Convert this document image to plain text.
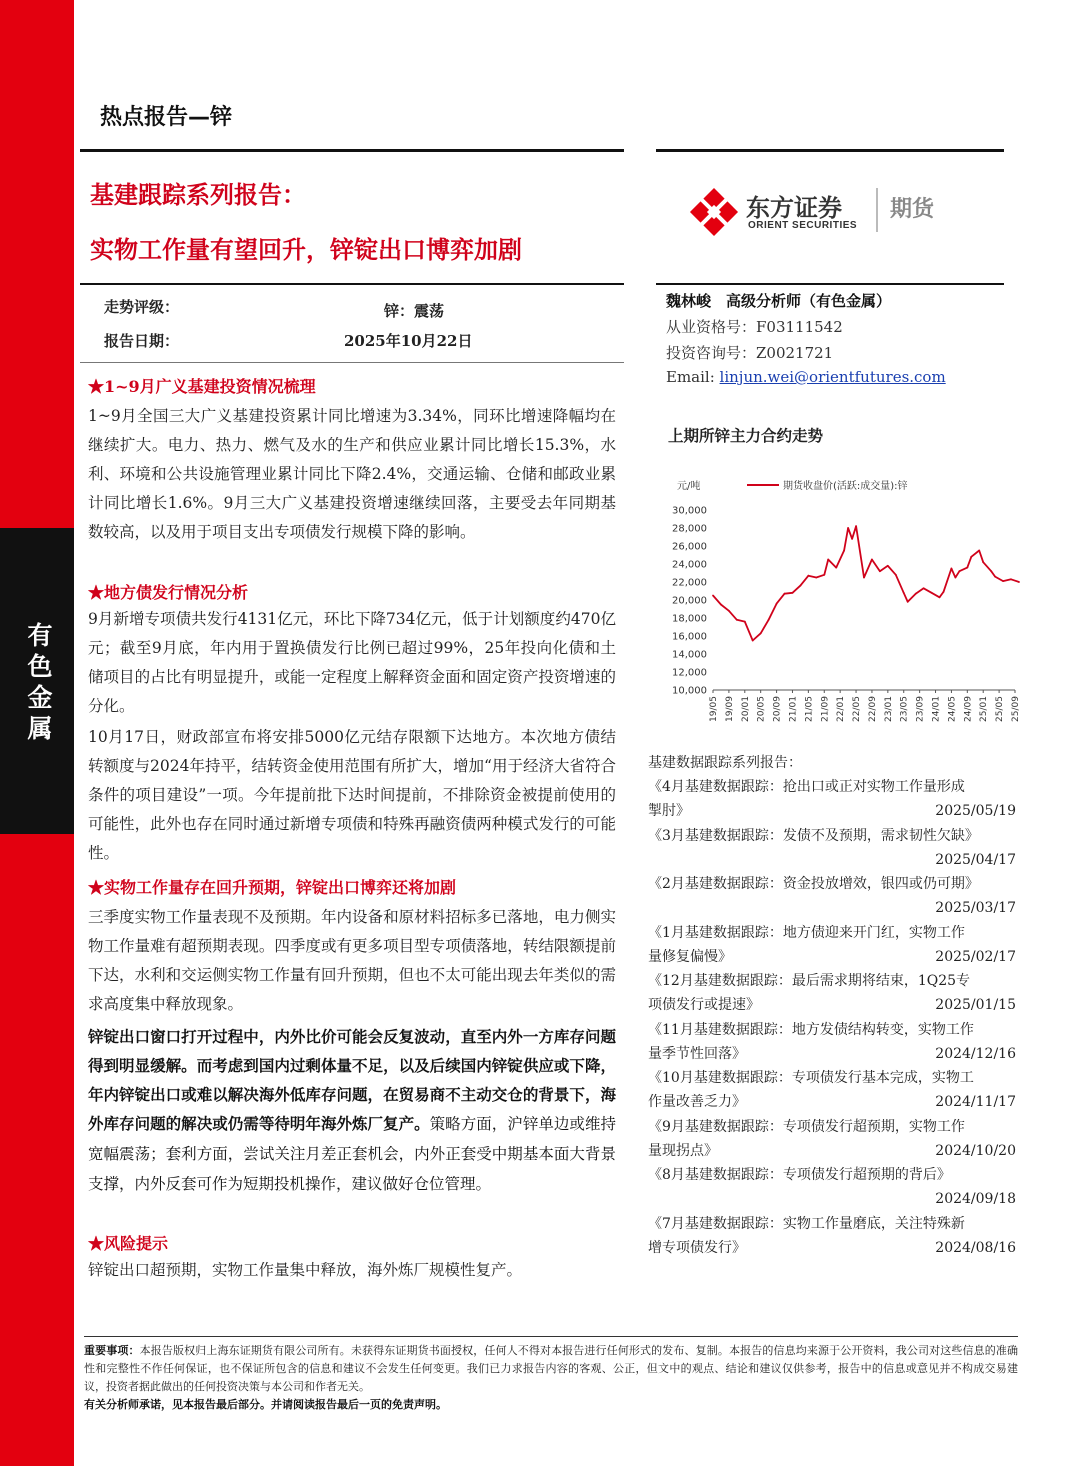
有色金属
热点报告—锌
基建跟踪系列报告：
实物工作量有望回升，锌锭出口博弈加剧
东方证券
ORIENT SECURITIES
期货
走势评级：	锌：震荡
报告日期：	2025年10月22日
魏林峻　高级分析师（有色金属）
从业资格号：F03111542
投资咨询号：Z0021721
Email: linjun.wei@orientfutures.com
★1~9月广义基建投资情况梳理
1~9月全国三大广义基建投资累计同比增速为3.34%，同环比增速降幅均在继续扩大。电力、热力、燃气及水的生产和供应业累计同比增长15.3%，水利、环境和公共设施管理业累计同比下降2.4%，交通运输、仓储和邮政业累计同比增长1.6%。9月三大广义基建投资增速继续回落，主要受去年同期基数较高，以及用于项目支出专项债发行规模下降的影响。
★地方债发行情况分析
9月新增专项债共发行4131亿元，环比下降734亿元，低于计划额度约470亿元；截至9月底，年内用于置换债发行比例已超过99%，25年投向化债和土储项目的占比有明显提升，或能一定程度上解释资金面和固定资产投资增速的分化。
10月17日，财政部宣布将安排5000亿元结存限额下达地方。本次地方债结转额度与2024年持平，结转资金使用范围有所扩大，增加“用于经济大省符合条件的项目建设”一项。今年提前批下达时间提前，不排除资金被提前使用的可能性，此外也存在同时通过新增专项债和特殊再融资债两种模式发行的可能性。
★实物工作量存在回升预期，锌锭出口博弈还将加剧
三季度实物工作量表现不及预期。年内设备和原材料招标多已落地，电力侧实物工作量难有超预期表现。四季度或有更多项目型专项债落地，转结限额提前下达，水利和交运侧实物工作量有回升预期，但也不太可能出现去年类似的需求高度集中释放现象。
锌锭出口窗口打开过程中，内外比价可能会反复波动，直至内外一方库存问题得到明显缓解。而考虑到国内过剩体量不足，以及后续国内锌锭供应或下降，年内锌锭出口或难以解决海外低库存问题，在贸易商不主动交仓的背景下，海外库存问题的解决或仍需等待明年海外炼厂复产。策略方面，沪锌单边或维持宽幅震荡；套利方面，尝试关注月差正套机会，内外正套受中期基本面大背景支撑，内外反套可作为短期投机操作，建议做好仓位管理。
★风险提示
锌锭出口超预期，实物工作量集中释放，海外炼厂规模性复产。
上期所锌主力合约走势
元/吨	期货收盘价(活跃:成交量):锌
30,000
28,000
26,000
24,000
22,000
20,000
18,000
16,000
14,000
12,000
10,000
19/05 19/09 20/01 20/05 20/09 21/01 21/05 21/09 22/01 22/05 22/09 23/01 23/05 23/09 24/01 24/05 24/09 25/01 25/05 25/09
基建数据跟踪系列报告：
《4月基建数据跟踪：抢出口或正对实物工作量形成
掣肘》	2025/05/19
《3月基建数据跟踪：发债不及预期，需求韧性欠缺》
2025/04/17
《2月基建数据跟踪：资金投放增效，银四或仍可期》
2025/03/17
《1月基建数据跟踪：地方债迎来开门红，实物工作
量修复偏慢》	2025/02/17
《12月基建数据跟踪：最后需求期将结束，1Q25专
项债发行或提速》	2025/01/15
《11月基建数据跟踪：地方发债结构转变，实物工作
量季节性回落》	2024/12/16
《10月基建数据跟踪：专项债发行基本完成，实物工
作量改善乏力》	2024/11/17
《9月基建数据跟踪：专项债发行超预期，实物工作
量现拐点》	2024/10/20
《8月基建数据跟踪：专项债发行超预期的背后》
2024/09/18
《7月基建数据跟踪：实物工作量磨底，关注特殊新
增专项债发行》	2024/08/16
重要事项：本报告版权归上海东证期货有限公司所有。未获得东证期货书面授权，任何人不得对本报告进行任何形式的发布、复制。本报告的信息均来源于公开资料，我公司对这些信息的准确性和完整性不作任何保证，也不保证所包含的信息和建议不会发生任何变更。我们已力求报告内容的客观、公正，但文中的观点、结论和建议仅供参考，报告中的信息或意见并不构成交易建议，投资者据此做出的任何投资决策与本公司和作者无关。
有关分析师承诺，见本报告最后部分。并请阅读报告最后一页的免责声明。
